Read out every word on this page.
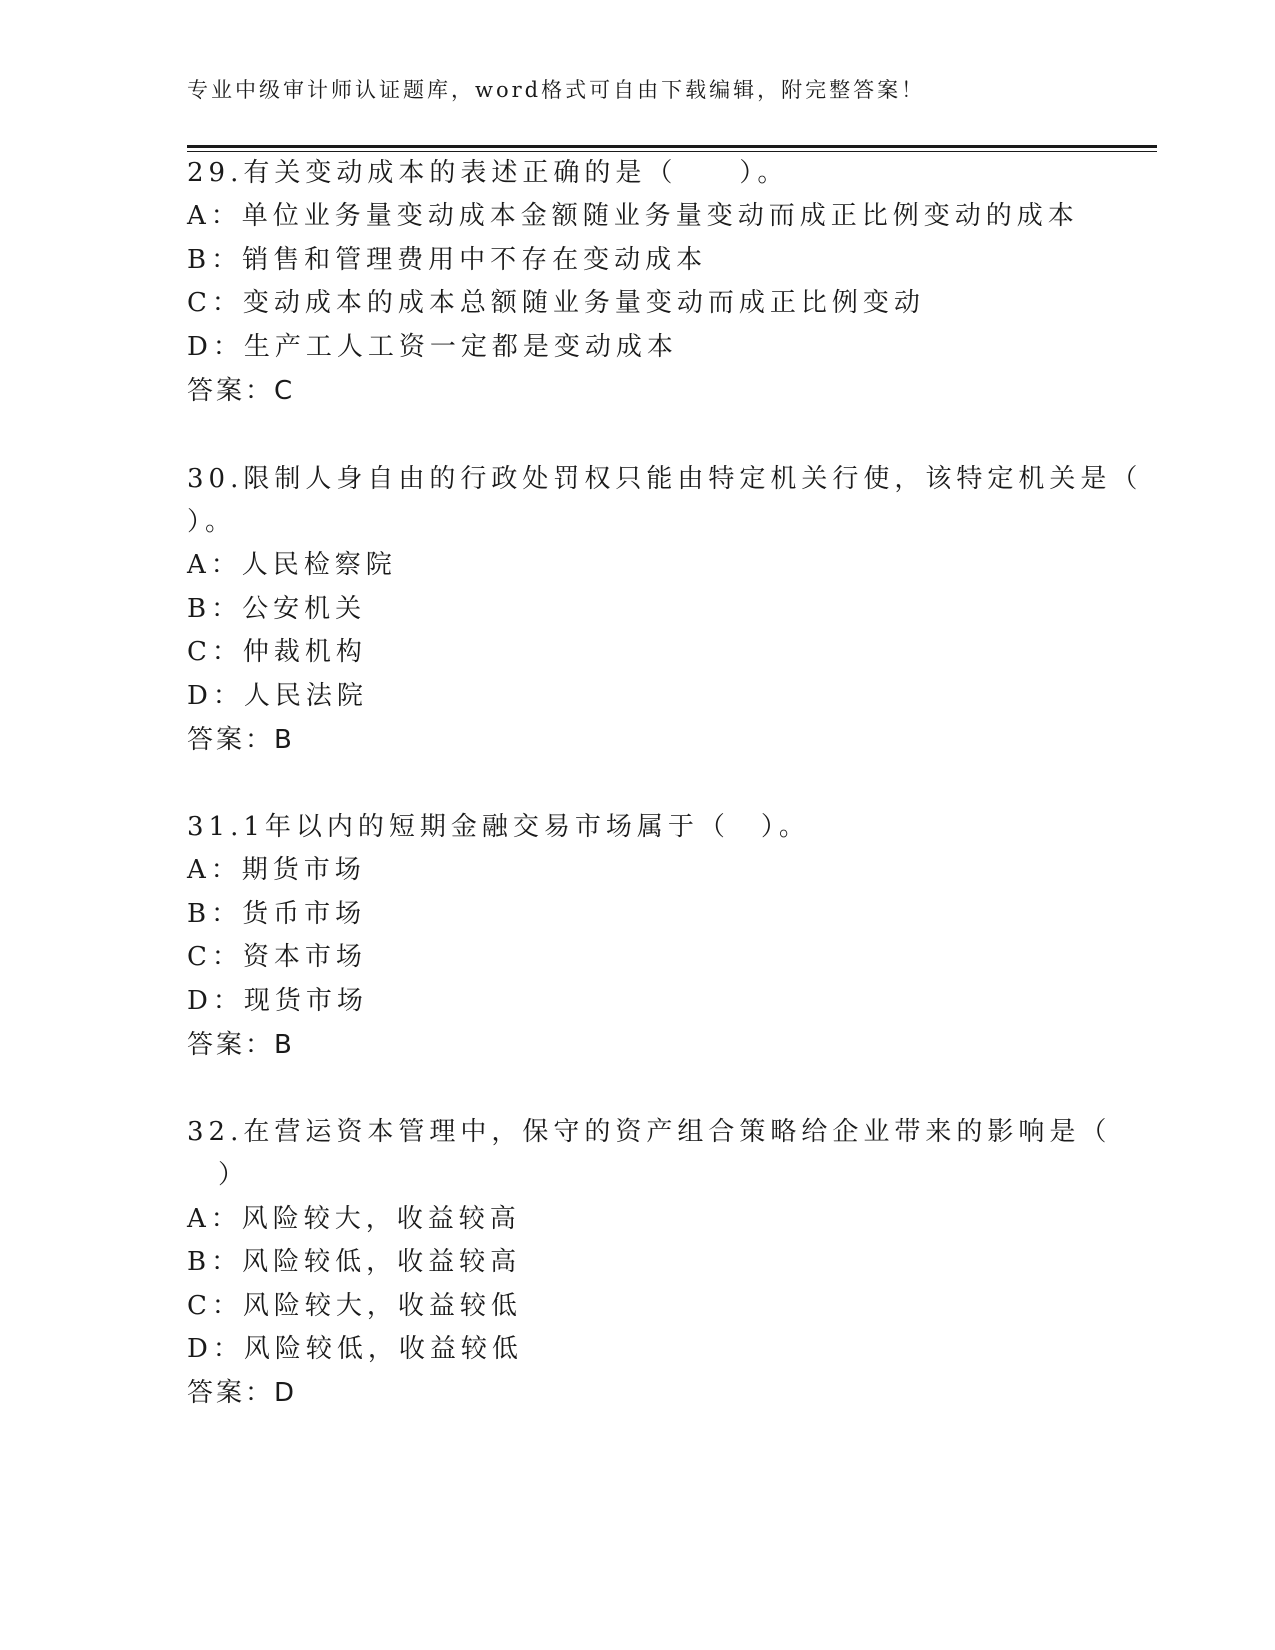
专业中级审计师认证题库，word格式可自由下载编辑，附完整答案！
29.有关变动成本的表述正确的是（　　）。
A：单位业务量变动成本金额随业务量变动而成正比例变动的成本
B：销售和管理费用中不存在变动成本
C：变动成本的成本总额随业务量变动而成正比例变动
D：生产工人工资一定都是变动成本
答案：C
30.限制人身自由的行政处罚权只能由特定机关行使，该特定机关是（
）。
A：人民检察院
B：公安机关
C：仲裁机构
D：人民法院
答案：B
31.1年以内的短期金融交易市场属于（　）。
A：期货市场
B：货币市场
C：资本市场
D：现货市场
答案：B
32.在营运资本管理中，保守的资产组合策略给企业带来的影响是（
　）
A：风险较大，收益较高
B：风险较低，收益较高
C：风险较大，收益较低
D：风险较低，收益较低
答案：D
